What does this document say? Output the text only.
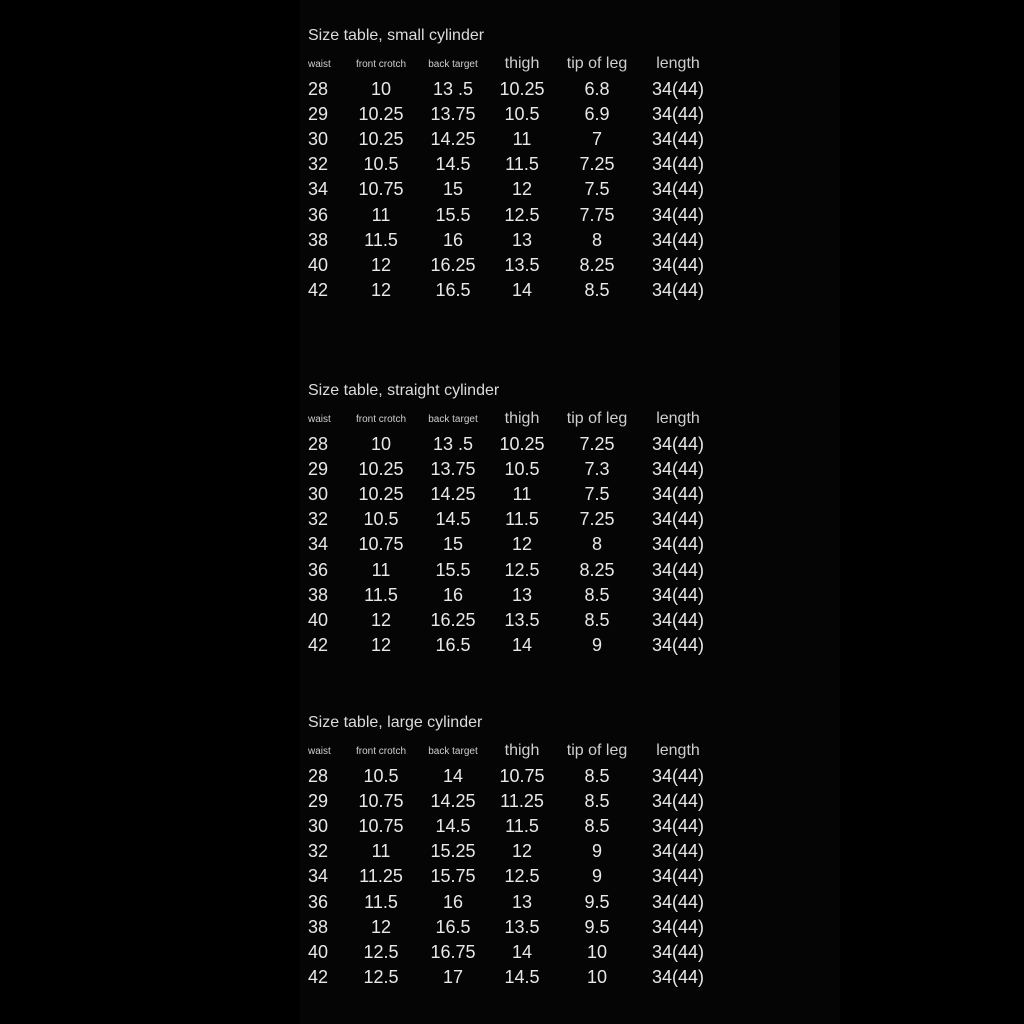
Size table, small cylinder
waist	front crotch	back target	thigh	tip of leg	length
28	10	13 .5	10.25	6.8	34(44)
29	10.25	13.75	10.5	6.9	34(44)
30	10.25	14.25	11	7	34(44)
32	10.5	14.5	11.5	7.25	34(44)
34	10.75	15	12	7.5	34(44)
36	11	15.5	12.5	7.75	34(44)
38	11.5	16	13	8	34(44)
40	12	16.25	13.5	8.25	34(44)
42	12	16.5	14	8.5	34(44)
Size table, straight cylinder
waist	front crotch	back target	thigh	tip of leg	length
28	10	13 .5	10.25	7.25	34(44)
29	10.25	13.75	10.5	7.3	34(44)
30	10.25	14.25	11	7.5	34(44)
32	10.5	14.5	11.5	7.25	34(44)
34	10.75	15	12	8	34(44)
36	11	15.5	12.5	8.25	34(44)
38	11.5	16	13	8.5	34(44)
40	12	16.25	13.5	8.5	34(44)
42	12	16.5	14	9	34(44)
Size table, large cylinder
waist	front crotch	back target	thigh	tip of leg	length
28	10.5	14	10.75	8.5	34(44)
29	10.75	14.25	11.25	8.5	34(44)
30	10.75	14.5	11.5	8.5	34(44)
32	11	15.25	12	9	34(44)
34	11.25	15.75	12.5	9	34(44)
36	11.5	16	13	9.5	34(44)
38	12	16.5	13.5	9.5	34(44)
40	12.5	16.75	14	10	34(44)
42	12.5	17	14.5	10	34(44)
